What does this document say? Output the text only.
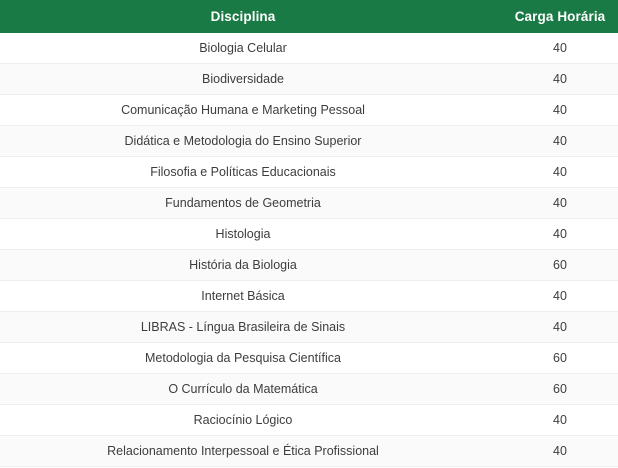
Disciplina	Carga Horária
Biologia Celular	40
Biodiversidade	40
Comunicação Humana e Marketing Pessoal	40
Didática e Metodologia do Ensino Superior	40
Filosofia e Políticas Educacionais	40
Fundamentos de Geometria	40
Histologia	40
História da Biologia	60
Internet Básica	40
LIBRAS - Língua Brasileira de Sinais	40
Metodologia da Pesquisa Científica	60
O Currículo da Matemática	60
Raciocínio Lógico	40
Relacionamento Interpessoal e Ética Profissional	40
